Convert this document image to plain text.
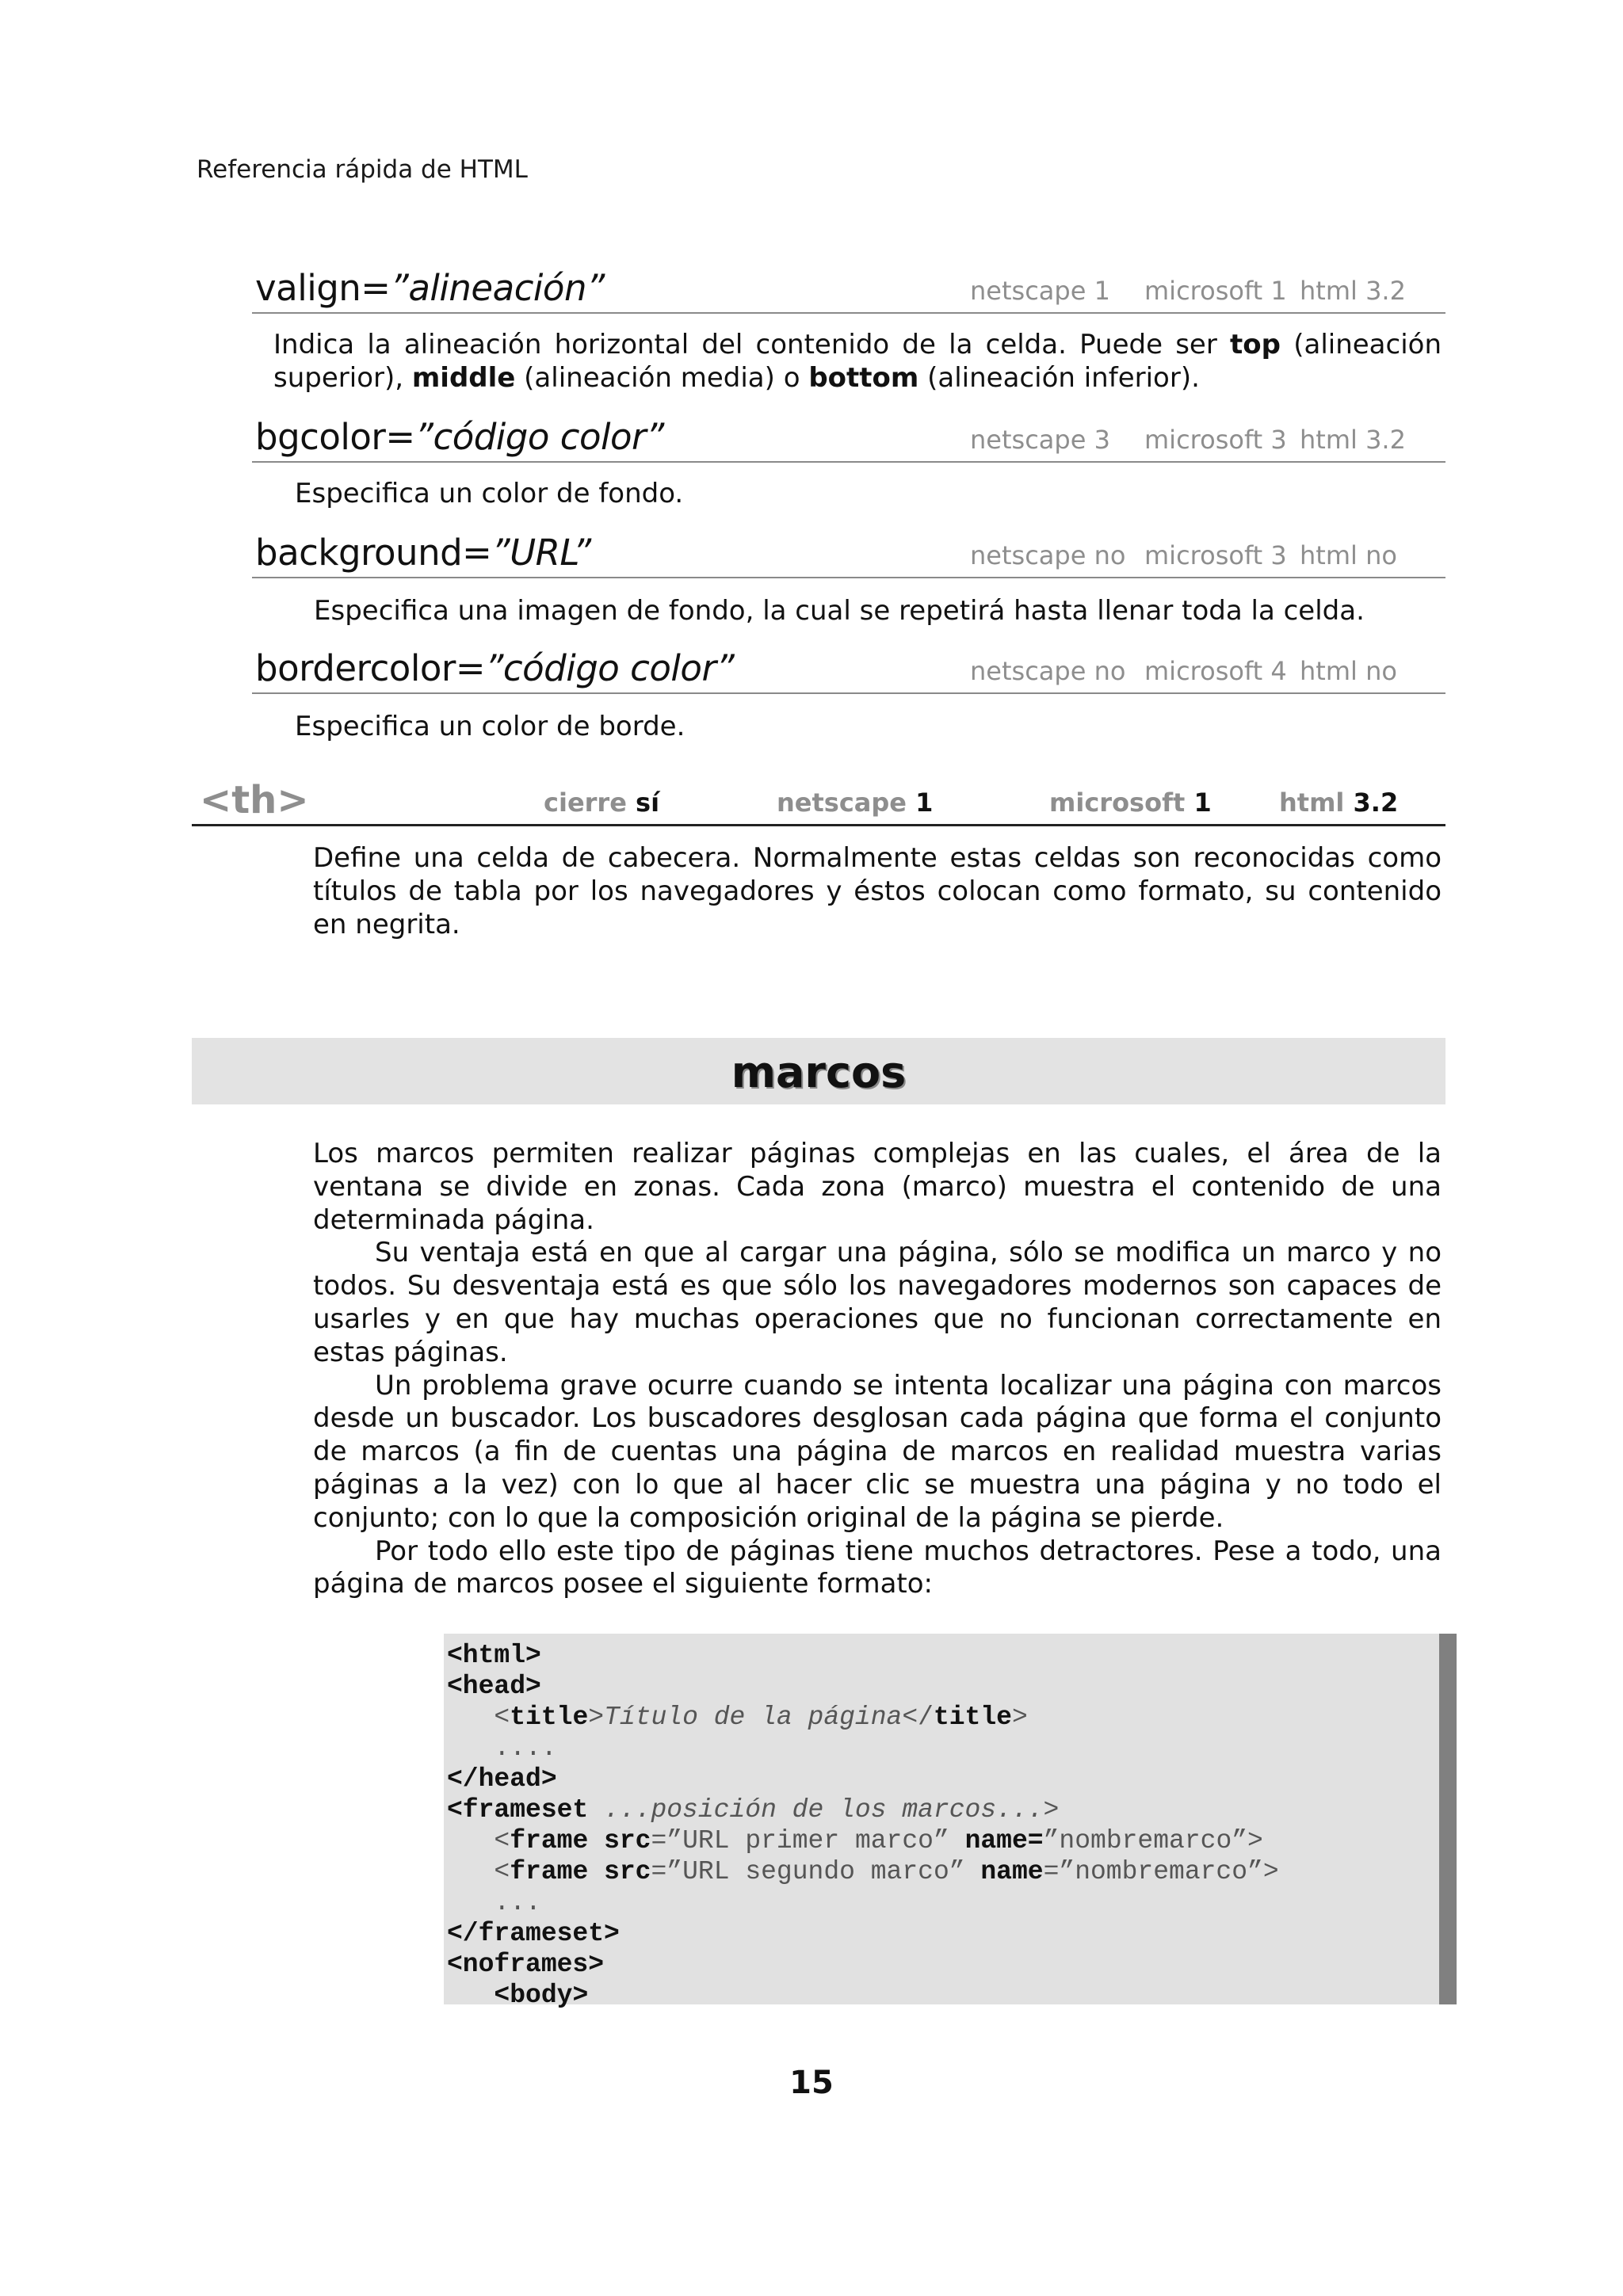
Referencia rápida de HTML
valign=”alineación”	netscape 1 microsoft 1 html 3.2
Indica la alineación horizontal del contenido de la celda. Puede ser top (alineación superior), middle (alineación media) o bottom (alineación inferior).
bgcolor=”código color”	netscape 3 microsoft 3 html 3.2
Especifica un color de fondo.
background=”URL”	netscape no microsoft 3 html no
Especifica una imagen de fondo, la cual se repetirá hasta llenar toda la celda.
bordercolor=”código color”	netscape no microsoft 4 html no
Especifica un color de borde.
<th>	cierre sí	netscape 1	microsoft 1	html 3.2
Define una celda de cabecera. Normalmente estas celdas son reconocidas como títulos de tabla por los navegadores y éstos colocan como formato, su contenido en negrita.
marcos

Los marcos permiten realizar páginas complejas en las cuales, el área de la ventana se divide en zonas. Cada zona (marco) muestra el contenido de una determinada página.

Su ventaja está en que al cargar una página, sólo se modifica un marco y no todos. Su desventaja está es que sólo los navegadores modernos son capaces de usarles y en que hay muchas operaciones que no funcionan correctamente en estas páginas.

Un problema grave ocurre cuando se intenta localizar una página con marcos desde un buscador. Los buscadores desglosan cada página que forma el conjunto de marcos (a fin de cuentas una página de marcos en realidad muestra varias páginas a la vez) con lo que al hacer clic se muestra una página y no todo el conjunto; con lo que la composición original de la página se pierde.

Por todo ello este tipo de páginas tiene muchos detractores. Pese a todo, una página de marcos posee el siguiente formato:

<html>
<head>
<title>Título de la página</title>
....
</head>
<frameset ...posición de los marcos...>
<frame src=”URL primer marco” name=”nombremarco”>
<frame src=”URL segundo marco” name=”nombremarco”>
...
</frameset>
<noframes>
<body>
15
